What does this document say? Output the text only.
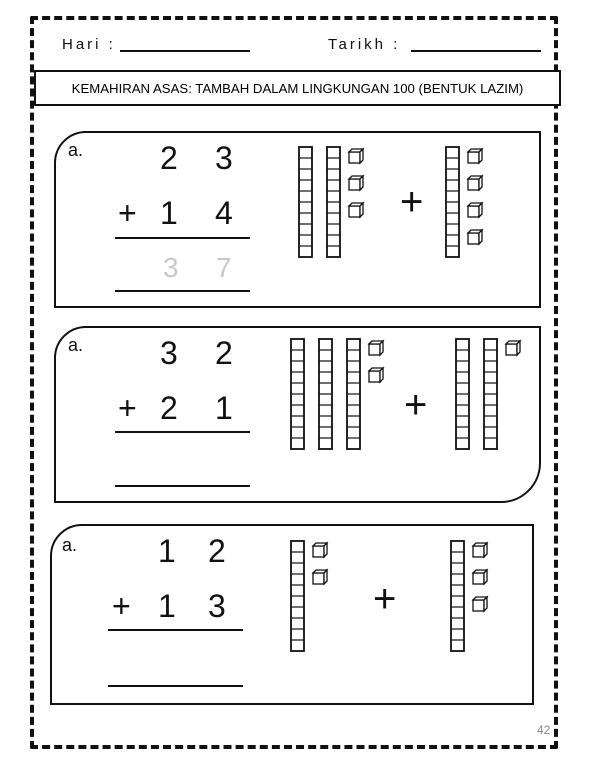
Hari :	Tarikh :
KEMAHIRAN ASAS: TAMBAH DALAM LINGKUNGAN 100 (BENTUK LAZIM)
a. 2 3
+ 1 4
3 7
+
a. 3 2
+ 2 1	+
a.	1 2
+ 1 3	+
42
